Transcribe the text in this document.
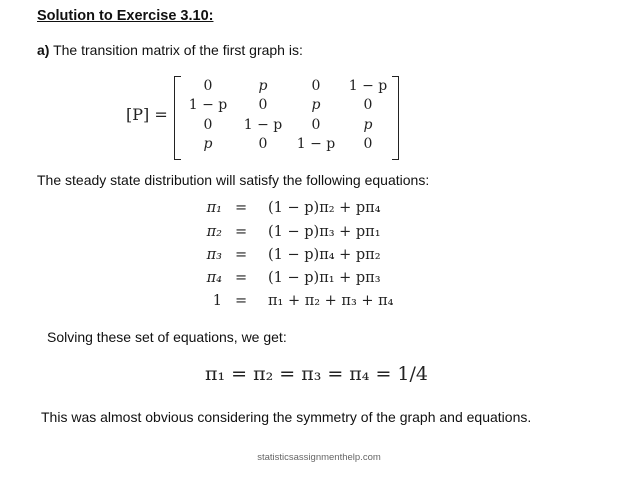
Solution to Exercise 3.10:
a) The transition matrix of the first graph is:
[P] =
0	p	0	1 − p
1 − p	0	p	0
0	1 − p	0	p
p	0	1 − p	0
The steady state distribution will satisfy the following equations:
π₁ = (1 − p)π₂ + pπ₄
π₂ = (1 − p)π₃ + pπ₁
π₃ = (1 − p)π₄ + pπ₂
π₄ = (1 − p)π₁ + pπ₃
1 = π₁ + π₂ + π₃ + π₄
Solving these set of equations, we get:
π₁ = π₂ = π₃ = π₄ = 1/4
This was almost obvious considering the symmetry of the graph and equations.
statisticsassignmenthelp.com
